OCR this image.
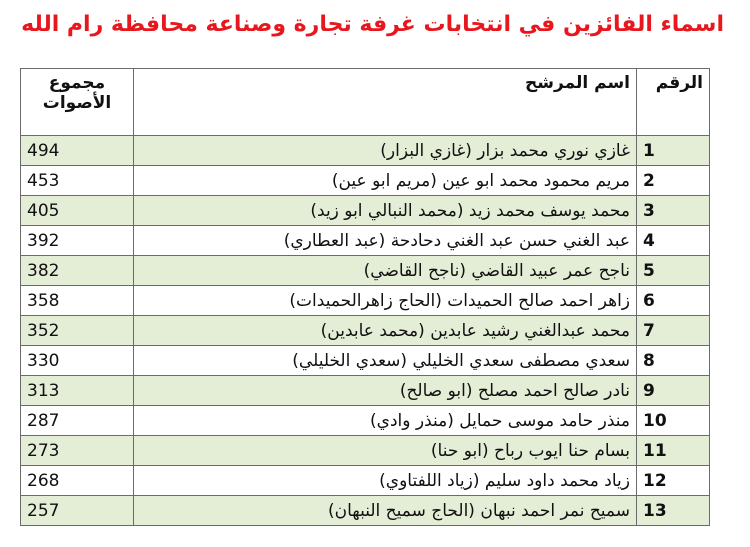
اسماء الفائزين في انتخابات غرفة تجارة وصناعة محافظة رام الله
الرقم	اسم المرشح	مجموع
الأصوات

1	غازي نوري محمد بزار (غازي البزار)	494
2	مريم محمود محمد ابو عين (مريم ابو عين)	453
3	محمد يوسف محمد زيد (محمد النبالي ابو زيد)	405
4	عبد الغني حسن عبد الغني دحادحة (عبد العطاري)	392
5	ناجح عمر عبيد القاضي (ناجح القاضي)	382
6	زاهر احمد صالح الحميدات (الحاج زاهرالحميدات)	358
7	محمد عبدالغني رشيد عابدين (محمد عابدين)	352
8	سعدي مصطفى سعدي الخليلي (سعدي الخليلي)	330
9	نادر صالح احمد مصلح (ابو صالح)	313
10	منذر حامد موسى حمايل (منذر وادي)	287
11	بسام حنا ايوب رباح (ابو حنا)	273
12	زياد محمد داود سليم (زياد اللفتاوي)	268
13	سميح نمر احمد نبهان (الحاج سميح النبهان)	257
